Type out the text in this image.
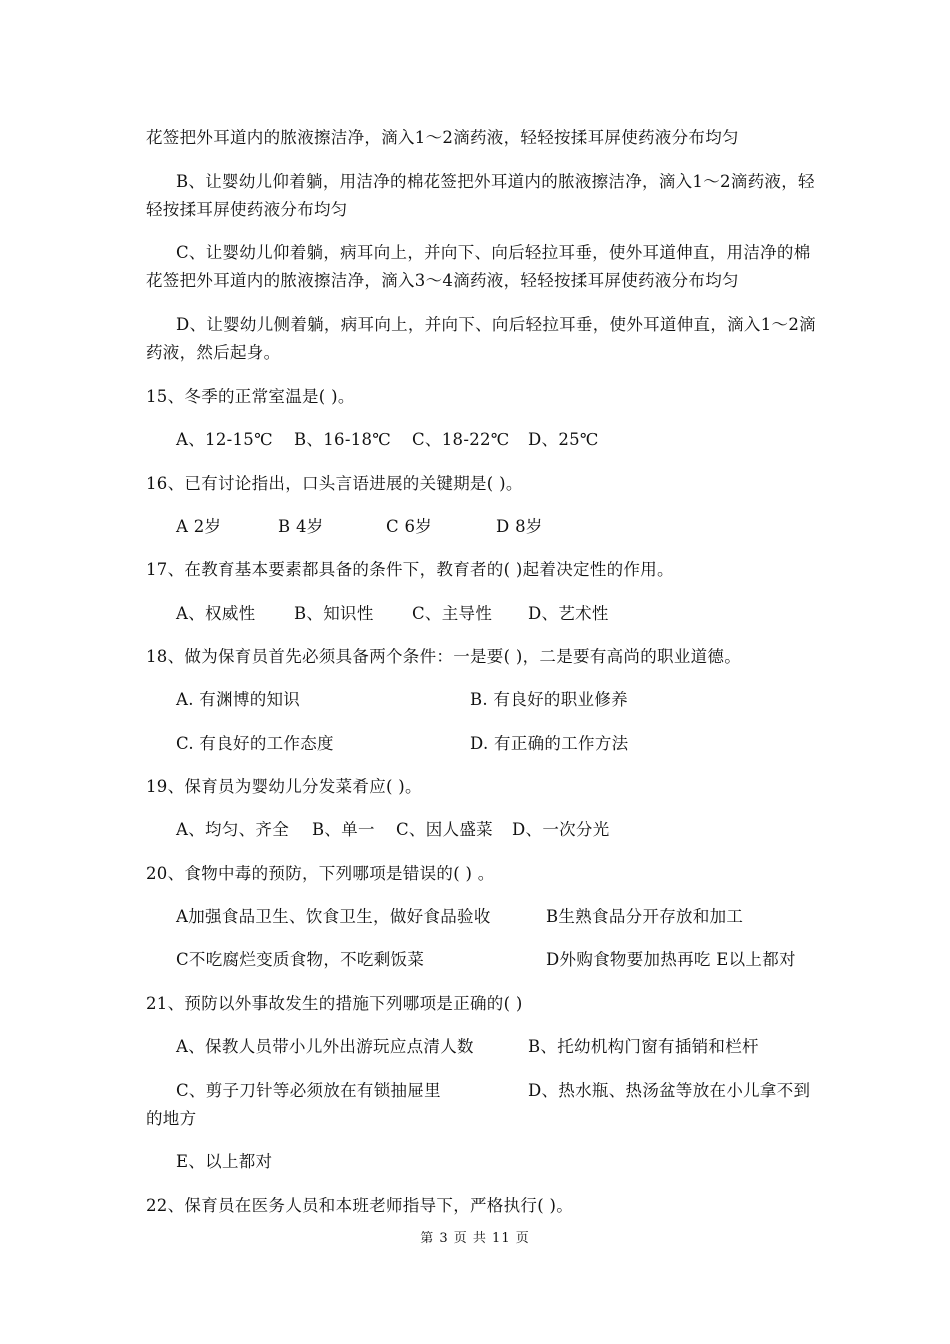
花签把外耳道内的脓液擦洁净，滴入1～2滴药液，轻轻按揉耳屏使药液分布均匀
B、让婴幼儿仰着躺，用洁净的棉花签把外耳道内的脓液擦洁净，滴入1～2滴药液，轻
轻按揉耳屏使药液分布均匀
C、让婴幼儿仰着躺，病耳向上，并向下、向后轻拉耳垂，使外耳道伸直，用洁净的棉
花签把外耳道内的脓液擦洁净，滴入3～4滴药液，轻轻按揉耳屏使药液分布均匀
D、让婴幼儿侧着躺，病耳向上，并向下、向后轻拉耳垂，使外耳道伸直，滴入1～2滴
药液，然后起身。
15、冬季的正常室温是( )。
A、12-15℃ B、16-18℃ C、18-22℃ D、25℃
16、已有讨论指出，口头言语进展的关键期是( )。
A 2岁	B 4岁	C 6岁	D 8岁
17、在教育基本要素都具备的条件下，教育者的( )起着决定性的作用。
A、权威性 B、知识性 C、主导性 D、艺术性
18、做为保育员首先必须具备两个条件：一是要( )，二是要有高尚的职业道德。
A. 有渊博的知识	B. 有良好的职业修养
C. 有良好的工作态度	D. 有正确的工作方法
19、保育员为婴幼儿分发菜肴应( )。
A、均匀、齐全 B、单一 C、因人盛菜 D、一次分光
20、食物中毒的预防，下列哪项是错误的( ) 。
A加强食品卫生、饮食卫生，做好食品验收	B生熟食品分开存放和加工
C不吃腐烂变质食物，不吃剩饭菜	D外购食物要加热再吃 E以上都对
21、预防以外事故发生的措施下列哪项是正确的( )
A、保教人员带小儿外出游玩应点清人数	B、托幼机构门窗有插销和栏杆
C、剪子刀针等必须放在有锁抽屉里	D、热水瓶、热汤盆等放在小儿拿不到
的地方
E、以上都对
22、保育员在医务人员和本班老师指导下，严格执行( )。
第 3 页 共 11 页
